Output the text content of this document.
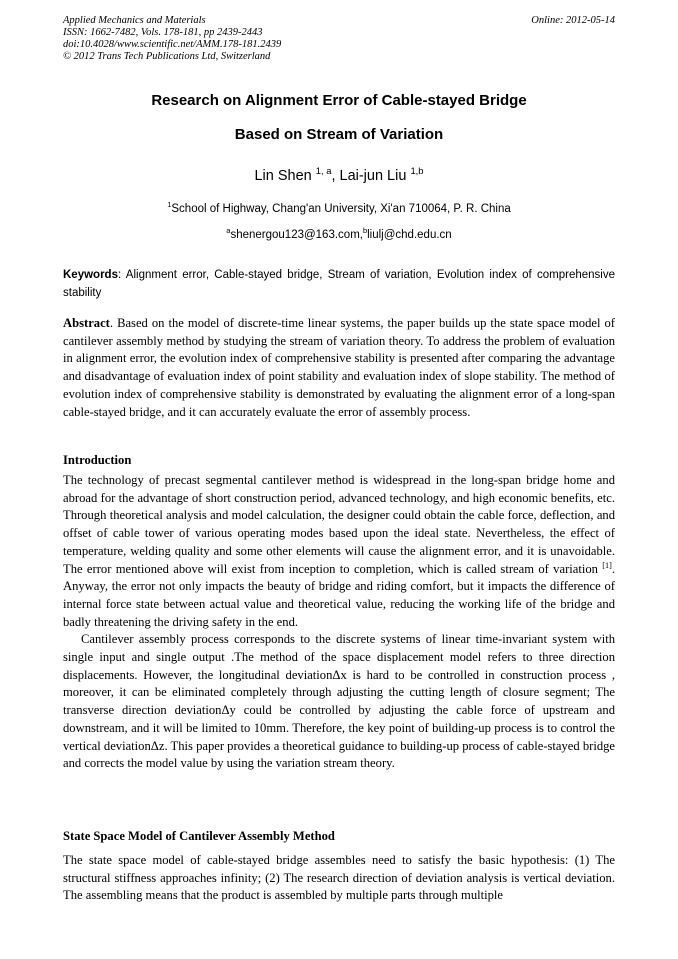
Applied Mechanics and Materials
ISSN: 1662-7482, Vols. 178-181, pp 2439-2443
doi:10.4028/www.scientific.net/AMM.178-181.2439
© 2012 Trans Tech Publications Ltd, Switzerland
Online: 2012-05-14
Research on Alignment Error of Cable-stayed Bridge
Based on Stream of Variation
Lin Shen $^{1, a}$, Lai-jun Liu $^{1,b}$
$^1$School of Highway, Chang'an University, Xi'an 710064, P. R. China
$^a$shenergou123@163.com,$^b$liulj@chd.edu.cn
Keywords: Alignment error, Cable-stayed bridge, Stream of variation, Evolution index of comprehensive stability
Abstract. Based on the model of discrete-time linear systems, the paper builds up the state space model of cantilever assembly method by studying the stream of variation theory. To address the problem of evaluation in alignment error, the evolution index of comprehensive stability is presented after comparing the advantage and disadvantage of evaluation index of point stability and evaluation index of slope stability. The method of evolution index of comprehensive stability is demonstrated by evaluating the alignment error of a long-span cable-stayed bridge, and it can accurately evaluate the error of assembly process.
Introduction
The technology of precast segmental cantilever method is widespread in the long-span bridge home and abroad for the advantage of short construction period, advanced technology, and high economic benefits, etc. Through theoretical analysis and model calculation, the designer could obtain the cable force, deflection, and offset of cable tower of various operating modes based upon the ideal state. Nevertheless, the effect of temperature, welding quality and some other elements will cause the alignment error, and it is unavoidable. The error mentioned above will exist from inception to completion, which is called stream of variation [1]. Anyway, the error not only impacts the beauty of bridge and riding comfort, but it impacts the difference of internal force state between actual value and theoretical value, reducing the working life of the bridge and badly threatening the driving safety in the end.
Cantilever assembly process corresponds to the discrete systems of linear time-invariant system with single input and single output .The method of the space displacement model refers to three direction displacements. However, the longitudinal deviationΔx is hard to be controlled in construction process , moreover, it can be eliminated completely through adjusting the cutting length of closure segment; The transverse direction deviationΔy could be controlled by adjusting the cable force of upstream and downstream, and it will be limited to 10mm. Therefore, the key point of building-up process is to control the vertical deviationΔz. This paper provides a theoretical guidance to building-up process of cable-stayed bridge and corrects the model value by using the variation stream theory.
State Space Model of Cantilever Assembly Method
The state space model of cable-stayed bridge assembles need to satisfy the basic hypothesis: (1) The structural stiffness approaches infinity; (2) The research direction of deviation analysis is vertical deviation. The assembling means that the product is assembled by multiple parts through multiple
